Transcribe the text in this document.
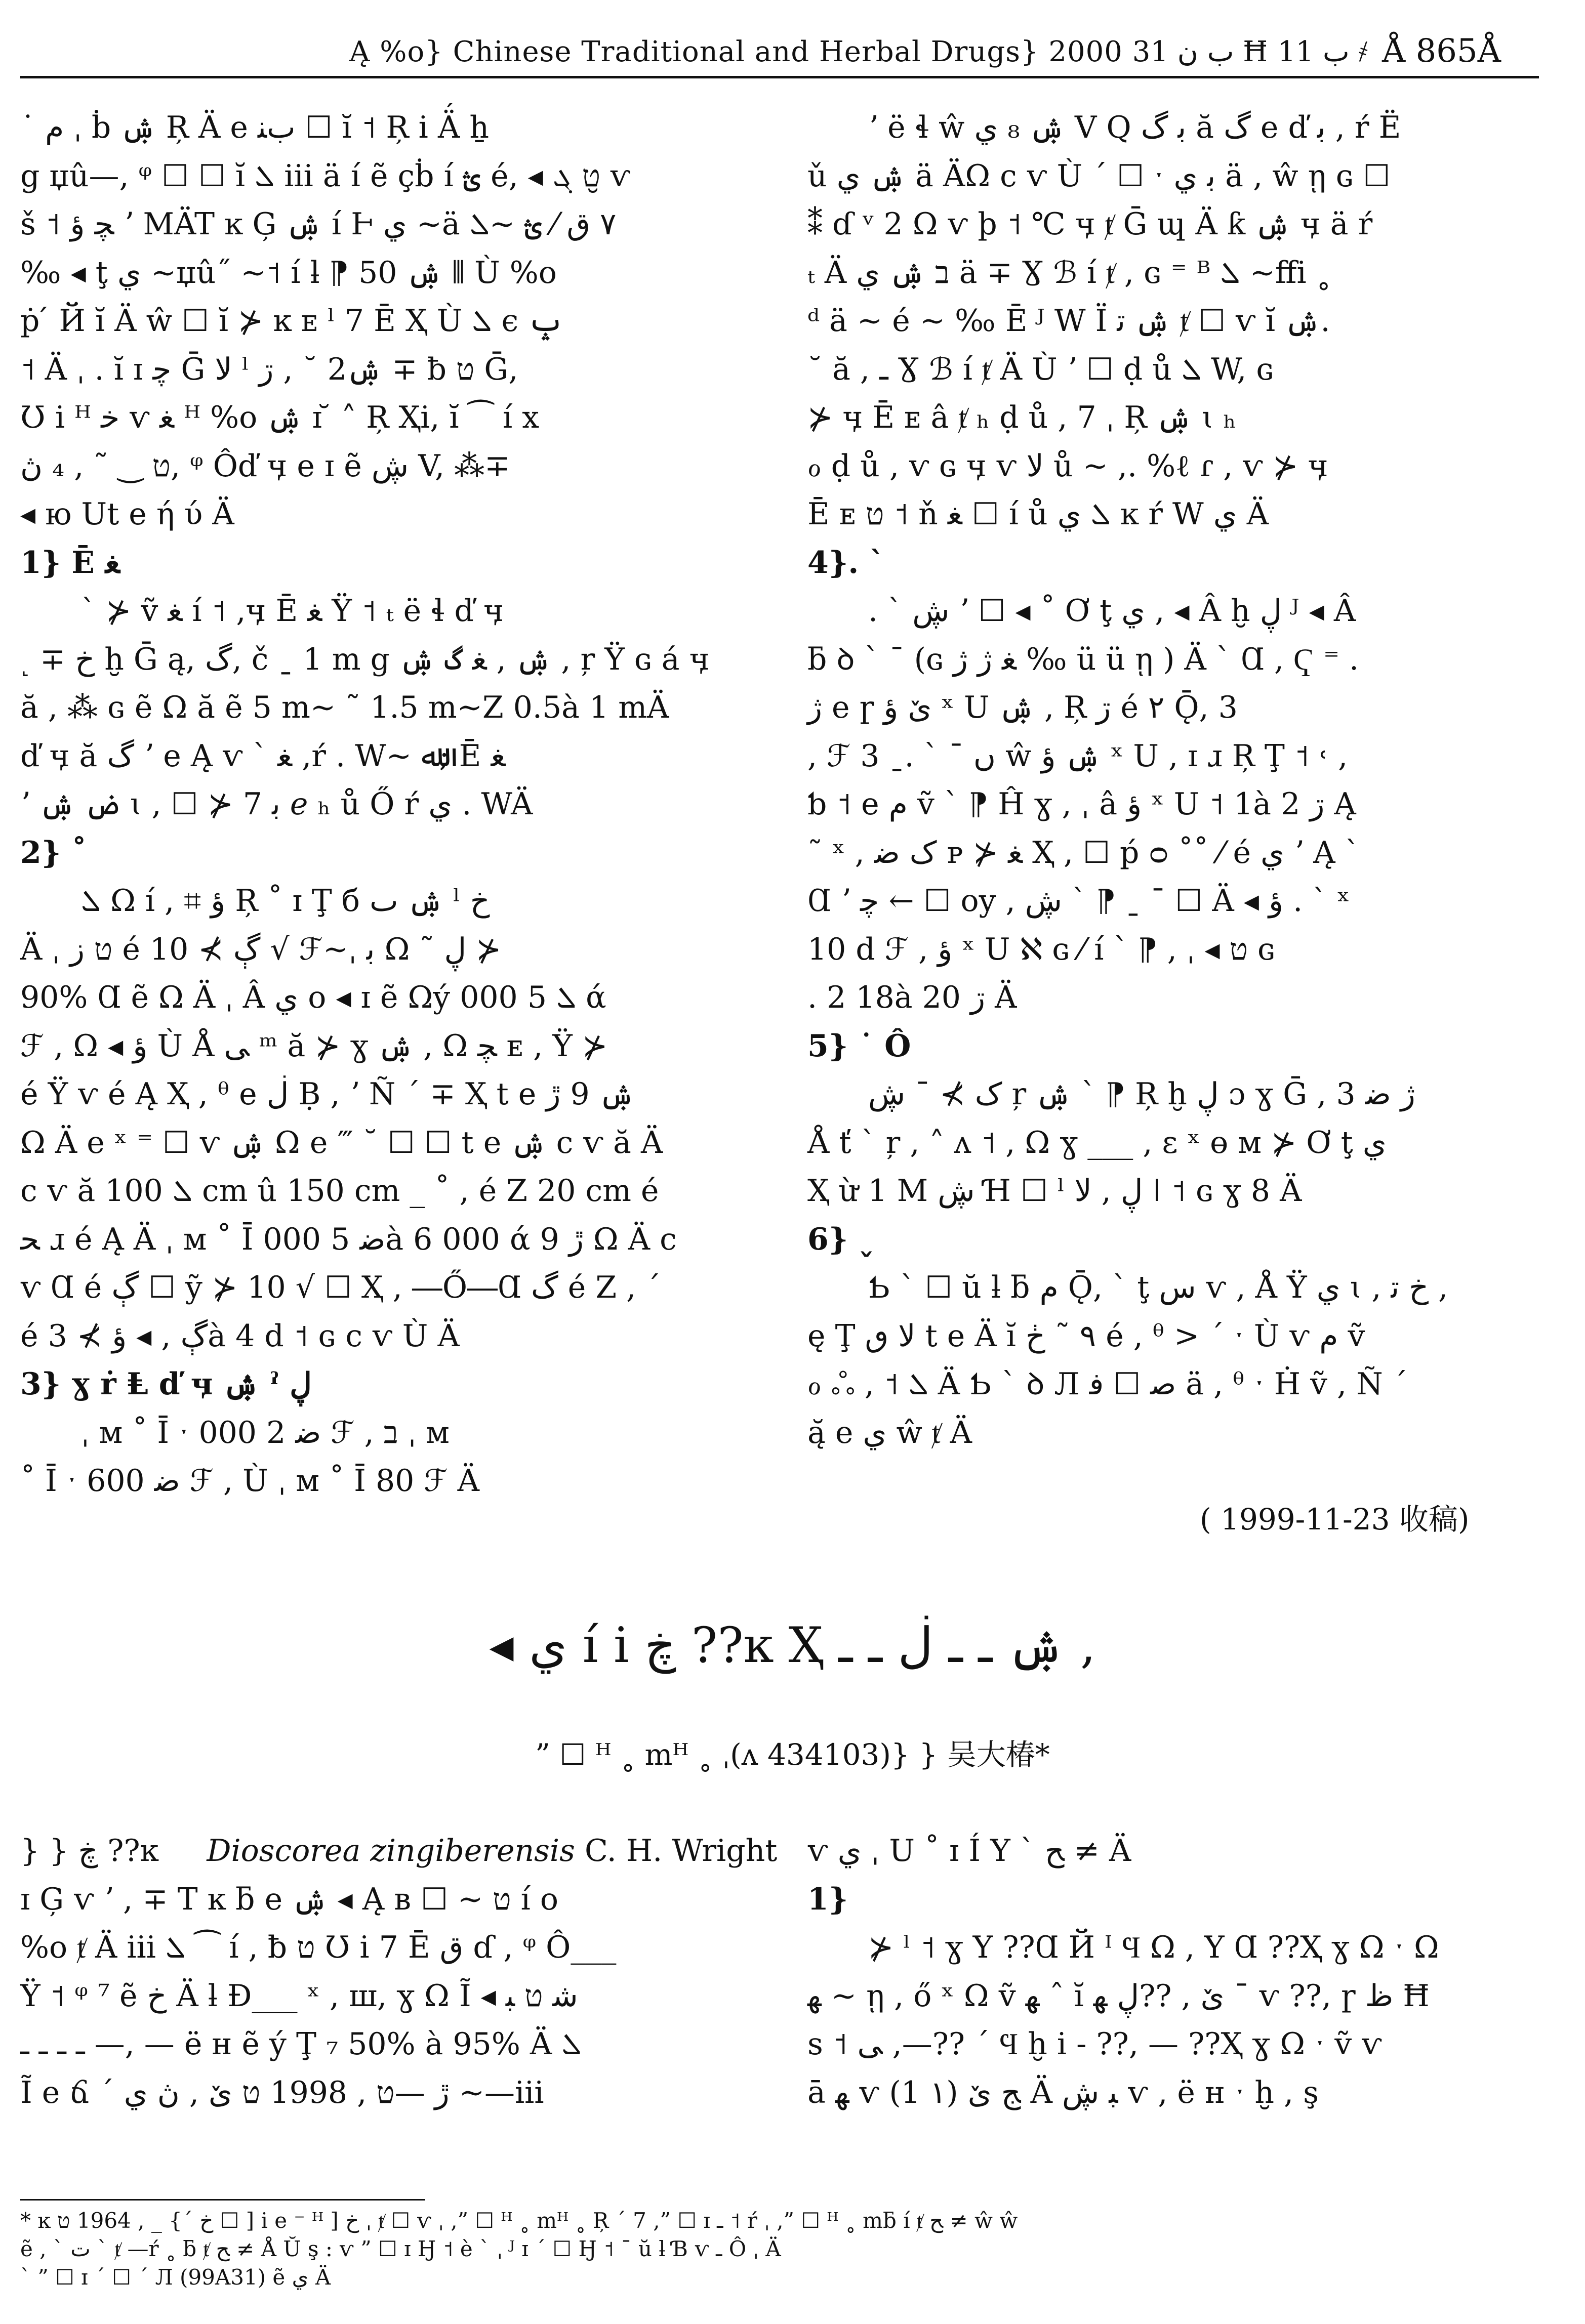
Ą %o} Chinese Traditional and Herbal Drugs} 2000 ب ن 31 Ħ ب 11 ҂ Å 865Å
˙ م ˌ ḃ ۺ Ŗ Ä e بﻨ ☐ ĭ ˦ Ŗ i Ä́ ẖ
g џû—, ᵠ ☐ ☐ ĭ ܠ iii ä í ẽ çḃ í ؿ é, ◂ ט ܓ ̮ѵ
š ˦ ﭽ ؤ ʼ MÄT ĸ Ģ ۺ í Ⱶ ي ~ä ٧ ﻕ ⁄ ؿ ~ܠ
‰ ◂ ţ ي ~џû˝ ~˦ í ƚ ⁋ ۺ 50 ⫴ Ù %o
ṗ ́ Й ĭ Ä ŵ ☐ ĭ ⊁ ĸ ᴇ ˡ 7 Ē Ҳ Ù ܠ є ݒ
˦ Ä ˌ . ĭ ɪ ﭼ Ḡ ﻻ ˡ ۺ2 ˘ , ڗ ∓ ƀ ט Ḡ,
Ʊ i ᴴ ﺧ ѵ ﻐ ᴴ %o ۺ ɪ ̆ ˄ Ŗ Ҳi, ĭ ⁀ í x
ט ‿ ˜ , ₄ ڽ, ᵠ Ôď ӌ e ɪ ẽ ڜ V, ⁂∓
◂ ю Ut e ή ύ Ä
1} Ē ﻐ
ˋ ⊁ ṽ ﻐ í ˦ ,ӌ Ē ﻐ Ÿ ˦ ₜ ë ɬ ď ӌ
˻ ∓ ﺥ ḫ Ḡ ą, گ, č ˍ 1 m g ۺ , ﻐ گ ۺ , ŗ Ÿ ɢ á ӌ
ă , ⁂ ɢ ẽ Ω ă ẽ 5 m~ ˜ 1.5 m~Z 0.5à 1 mÄ
ď ӌ ă گ ʼ e Ą ѵ ˋ ﻐ ,ŕ . W~ ﷲ; Ē ﻐ
ʼ ض ۺ ɩ , ☐ ⊁ 7 ﺑ ℯ ₕ ů Ő ŕ ي . WÄ
2} ˚
ܠ Ω í , ⌗ ؤ Ŗ ˚ ɪ Ţ б ۺ ٮ ˡ ﺥ
Ä ˌ ט ز é ڳ ⊁ 10 √ ℱ~ˌ ﺑ Ω ˜ ڸ ⊁
90% Ɑ ẽ Ω Ä ˌ Â ي ᴏ ◂ ɪ ẽ Ωý ܠ 5 000 ά
ℱ , Ω ◂ ؤ Ù Å ﯽ ᵐ ă ⊁ ɣ ۺ , Ω ﭽ ᴇ , Ÿ ⊁
é Ÿ ѵ é Ą Ҳ , ᶿ e ڶ Ḅ , ʼ Ñ ˊ ∓ Ҳ t e ۺ 9 ڙ
Ω Ä e ˣ ⁼ ☐ ѵ ۺ Ω e ‴ ˘ ☐ ☐ t e ۺ c ѵ ă Ä
c ѵ ă ܠ 100 cm û 150 cm _ ˚ , é Z 20 cm é
ﺤ ɹ é Ą Ä ˌ ᴍ ˚ Ī ﺿ 5 000à 6 000 ά 9 ڙ Ω Ä c
ѵ Ɑ é ڳ ☐ ỹ ⊁ 10 √ ☐ Ҳ , ―Ő―Ɑ گ é Z , ˊ
é ڳ , ◂ ؤ ⊁ 3à 4 d ˦ ɢ c ѵ Ù Ä
3} ɣ ṙ Ⱡ ď ӌ ۺ ˀ ڸ
ˌ ᴍ ˚ Ī ˑ ﺿ 2 000 ℱ , ב ˌ ᴍ
˚ Ī ˑ ﺿ 600 ℱ , Ù ˌ ᴍ ˚ Ī 80 ℱ Ä
ʼ ë ɬ ŵ ۺ ₈ ي V Q ﺑ گ ă گ e ď ﺑ , ŕ Ë
ǔ ۺ ي ä ÄΩ c ѵ Ù ˊ ☐ ˑ ﺑ ي ä , ŵ ῃ ɢ ☐
⁑ ɗ ᵛ 2 Ω ѵ þ ˦ ℃ ӌ ⱦ Ḡ ɰ Ä ƙ ۺ ӌ ä ŕ
ₜ Ä ב ۺ ي ä ∓ Ɣ ℬ í ⱦ , ɢ ⁼ ᴮ ܠ ~ffi ˳
ᵈ ä ~ é ~ ‰ Ē ᴶ W Ï ۺ ﺗ ⱦ ☐ ѵ ĭ ۺ.
˘ ă , ـ Ɣ ℬ í ⱦ Ä Ù ʼ ☐ ḍ ů ܠ W, ɢ
⊁ ӌ Ē ᴇ â ⱦ ₕ ḍ ů , 7 ˌ Ŗ ۺ ɩ ₕ
ℴ ḍ ů , ѵ ɢ ӌ ѵ ﻻ ů ~ ,. %ℓ ɾ , ѵ ⊁ ӌ
Ē ᴇ ט ˦ ň ﻐ ☐ í ů ܠ ي ĸ ŕ W ي Ä
4}. ˋ
. ˋ ڜ ʼ ☐ ◂ ˚ Ơ ţ ي , ◂ Â ḫ ڸ ᴶ ◂ Â
ƃ ꝺ ˋ ˉ (ɢ ﻐ ژ ژ ‰ ü ü ῃ ) Ä ˋ Ɑ , Ҁ ⁼ .
ژ e ɼ ێ ؤ ˣ U ۺ , Ŗ ڗ é ٢ Ǭ, 3
, ℱ 3 ˍ. ˋ ˉ ں ŵ ۺ ؤ ˣ U , ɪ ɹ Ŗ Ţ ˦ ˓ ,
ƅ ˦ e م ṽ ˋ ⁋ Ĥ ɣ , ˌ â ؤ ˣ U ˦ 1à 2 ڗ Ą
˜ ˣ , ک ﺿ ᴩ ⊁ ﻐ Ҳ , ☐ ṕ ᴑ ˚˚ ⁄ é ي ʼ Ą ˋ
Ɑ ʼ ﭼ ← ☐ oy , ڜ ˋ ⁋ ˍ ˉ ☐ Ä ◂ ؤ . ˋ ˣ
10 d ℱ , ؤ ˣ U ℵ ɢ ⁄ í ˋ ⁋ , ˌ ◂ ט ɢ
. 2 18à 20 ڗ Ä
5} ˙ Ô
ک ⊁ ˉ ڜ ŗ ۺ ˋ ⁋ Ŗ ḫ ڸ ɔ ɣ Ḡ , ژ ﺿ 3
Å ť ˋ ŗ , ˄ ʌ ˦ , Ω ɣ ___ , ɛ ˣ ɵ ᴍ ⊁ Ơ ţ ي
Ҳ ừ 1 M ڜ Ɦ ☐ ˡ ڸ , ﻻ ǀ ˦ ɢ ɣ 8 Ä
6} ˯
Ƅ ˋ ☐ ŭ ƚ ƃ م Ǭ, ˋ ţ ﺱ ѵ , Å Ÿ ي ɩ , ﺥ ﺗ ,
ę Ţ ﻻ ٯ t e Ä ĭ ٩ ˜ ڂ é , ᶿ > ˊ ˑ Ù ѵ م ṽ
ℴ ஃ , ˦ ܠ Ä Ƅ ˋ ꝺ Л ﺻ ☐ ﻓ ä , ᶿ ˑ Ḣ ṽ , Ñ ˊ
ą̆ e ي ŵ ⱦ Ä
( 1999-11-23 收稿)
◂ ي í i ڿ ??ĸ Ҳ ۺ ـ ـ ڶ ـ ـ ,
” ☐ ᴴ ˳ mᴴ ˳ ˌ(ʌ 434103)} } 吴大椿*
} } ڿ ??ĸ Dioscorea zingiberensis C. H. Wright
ɪ Ģ ѵ ʼ , ∓ T ĸ ƃ e ۺ ◂ Ą ʙ ☐ ~ ט í ᴏ
%o ⱦ Ä iii ܠ ⁀ í , ƀ ט Ʊ i 7 Ē ق ɗ , ᵠ Ô___
Ÿ ˦ ᵠ ⁷ ẽ ﺥ Ä ƚ Ɖ___ ˣ , ш, ɣ Ω Ĩ ◂ ﺷ ט ﺒ
ـ ـ ـ ـ —, — ë ʜ ẽ ý Ţ ₇ 50% à 95% Ä ܠ
Ĩ e ճ ˊ ڙ —ט , 1998 ט ێ , ڽ ي ~—iii
ѵ ي ˌ U ˚ ɪ Í Y ˋ ﺢ ≠ Ä
1}
⊁ ˡ ˦ ɣ Y ??Ɑ Й ᴵ Ϥ Ω , Y Ɑ ??Ҳ ɣ Ω ˑ Ω
ﻬ ~ ῃ , ő ˣ Ω ṽ ﻬ ˆ ĭ ێ , ??ڸ ﻬ ˉ ѵ ??, ɼ ﻅ Ħ
s ˦ ﯽ ,—?? ˊ Ϥ ḫ i - ??, — ??Ҳ ɣ Ω ˑ ṽ ѵ
ā ﻬ ѵ ﺞ ێ (١ 1) Ä ﺒ ڜ ѵ , ë ʜ ˑ ḫ , ş
* ĸ ﺥ ˊ} _ , 1964 ט ☐ ] i e ⁻ ᴴ ] ﺥ ˌ ⱦ ☐ ѵ ˌ ,” ☐ ᴴ ˳ mᴴ ˳ Ŗ ˊ 7 ,” ☐ ɪ ـ ˦ ŕ ˌ ,” ☐ ᴴ ˳ mƃ í ⱦ ﺢ ≠ ŵ ŵ
ẽ , ˋ ﺕ ˋ ⱦ —ŕ ˳ ƃ ⱦ ﺢ ≠ Å Ŭ ş : ѵ ” ☐ ɪ Ӈ ˦ è ˋ ˌ ᴶ ɪ ˊ ☐ Ӈ ˦ ˉ ŭ ƚ Ɓ ѵ ـ Ô ˌ Ä
ˋ ” ☐ ɪ ˊ ☐ ˊ Л (99A31) ẽ ي Ä
